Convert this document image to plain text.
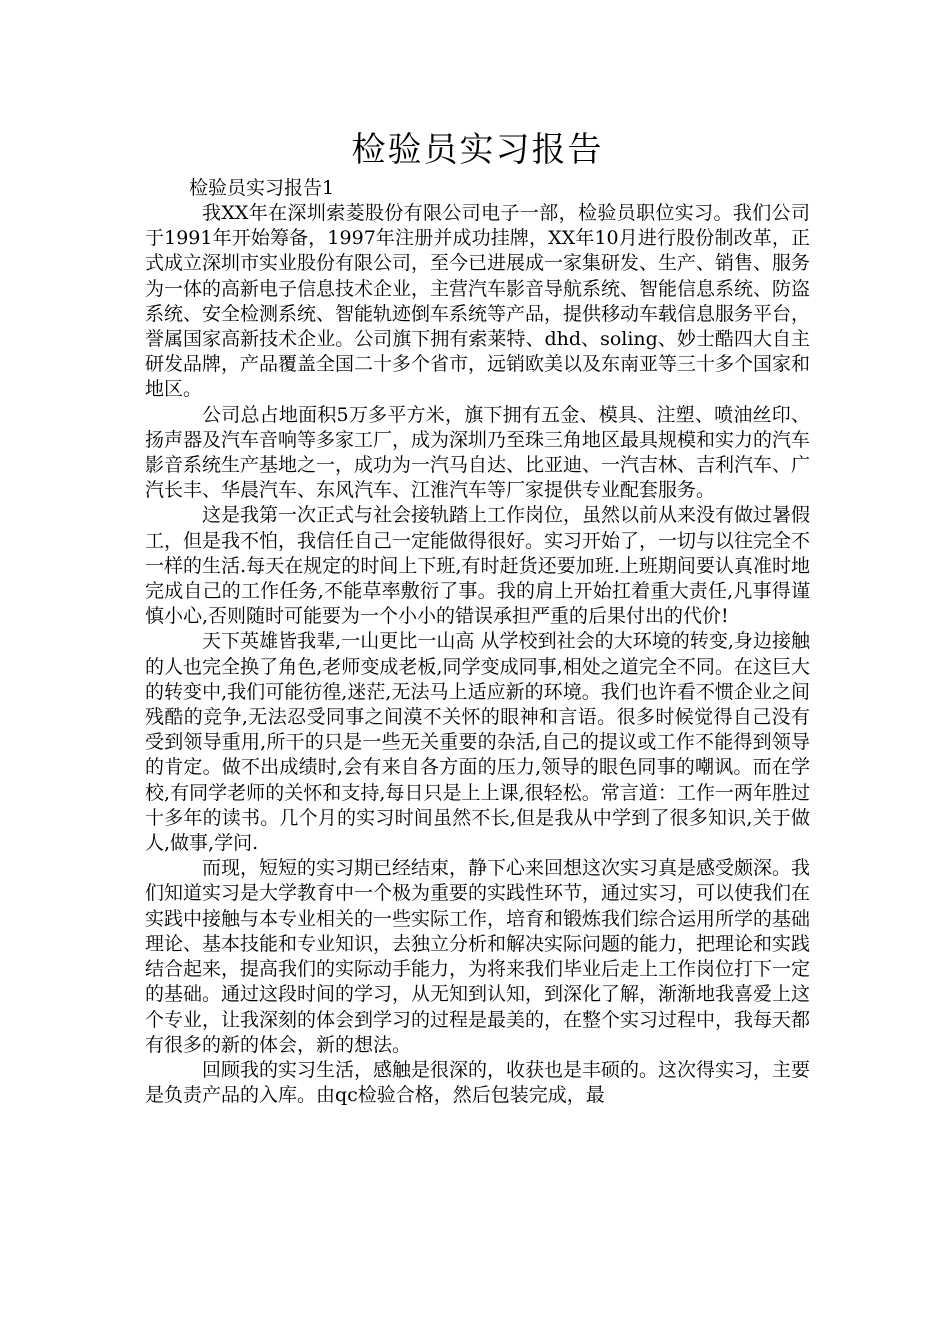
检验员实习报告

检验员实习报告1

我XX年在深圳索菱股份有限公司电子一部，检验员职位实习。我们公司于1991年开始筹备，1997年注册并成功挂牌，XX年10月进行股份制改革，正式成立深圳市实业股份有限公司，至今已进展成一家集研发、生产、销售、服务为一体的高新电子信息技术企业，主营汽车影音导航系统、智能信息系统、防盗系统、安全检测系统、智能轨迹倒车系统等产品，提供移动车载信息服务平台，誉属国家高新技术企业。公司旗下拥有索莱特、dhd、soling、妙士酷四大自主研发品牌，产品覆盖全国二十多个省市，远销欧美以及东南亚等三十多个国家和地区。

公司总占地面积5万多平方米，旗下拥有五金、模具、注塑、喷油丝印、扬声器及汽车音响等多家工厂，成为深圳乃至珠三角地区最具规模和实力的汽车影音系统生产基地之一，成功为一汽马自达、比亚迪、一汽吉林、吉利汽车、广汽长丰、华晨汽车、东风汽车、江淮汽车等厂家提供专业配套服务。

这是我第一次正式与社会接轨踏上工作岗位，虽然以前从来没有做过暑假工，但是我不怕，我信任自己一定能做得很好。实习开始了，一切与以往完全不一样的生活.每天在规定的时间上下班,有时赶货还要加班.上班期间要认真准时地完成自己的工作任务,不能草率敷衍了事。我的肩上开始扛着重大责任,凡事得谨慎小心,否则随时可能要为一个小小的错误承担严重的后果付出的代价!

天下英雄皆我辈,一山更比一山高 从学校到社会的大环境的转变,身边接触的人也完全换了角色,老师变成老板,同学变成同事,相处之道完全不同。在这巨大的转变中,我们可能彷徨,迷茫,无法马上适应新的环境。我们也许看不惯企业之间残酷的竞争,无法忍受同事之间漠不关怀的眼神和言语。很多时候觉得自己没有受到领导重用,所干的只是一些无关重要的杂活,自己的提议或工作不能得到领导的肯定。做不出成绩时,会有来自各方面的压力,领导的眼色同事的嘲讽。而在学校,有同学老师的关怀和支持,每日只是上上课,很轻松。常言道：工作一两年胜过十多年的读书。几个月的实习时间虽然不长,但是我从中学到了很多知识,关于做人,做事,学问.

而现，短短的实习期已经结束，静下心来回想这次实习真是感受颇深。我们知道实习是大学教育中一个极为重要的实践性环节，通过实习，可以使我们在实践中接触与本专业相关的一些实际工作，培育和锻炼我们综合运用所学的基础理论、基本技能和专业知识，去独立分析和解决实际问题的能力，把理论和实践结合起来，提高我们的实际动手能力，为将来我们毕业后走上工作岗位打下一定的基础。通过这段时间的学习，从无知到认知，到深化了解，渐渐地我喜爱上这个专业，让我深刻的体会到学习的过程是最美的，在整个实习过程中，我每天都有很多的新的体会，新的想法。

回顾我的实习生活，感触是很深的，收获也是丰硕的。这次得实习，主要是负责产品的入库。由qc检验合格，然后包装完成，最
